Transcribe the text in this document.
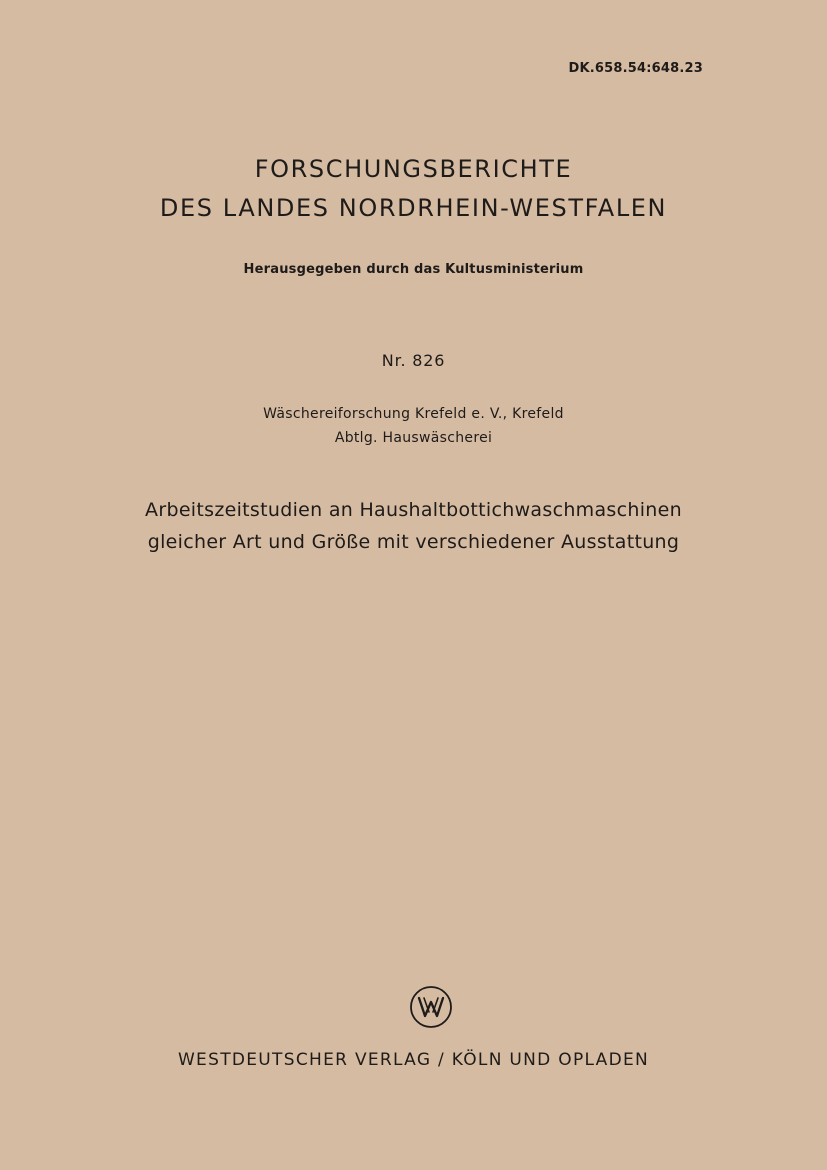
DK.658.54:648.23
FORSCHUNGSBERICHTE
DES LANDES NORDRHEIN-WESTFALEN
Herausgegeben durch das Kultusministerium
Nr. 826
Wäschereiforschung Krefeld e. V., Krefeld
Abtlg. Hauswäscherei
Arbeitszeitstudien an Haushaltbottichwaschmaschinen
gleicher Art und Größe mit verschiedener Ausstattung
WESTDEUTSCHER VERLAG / KÖLN UND OPLADEN
